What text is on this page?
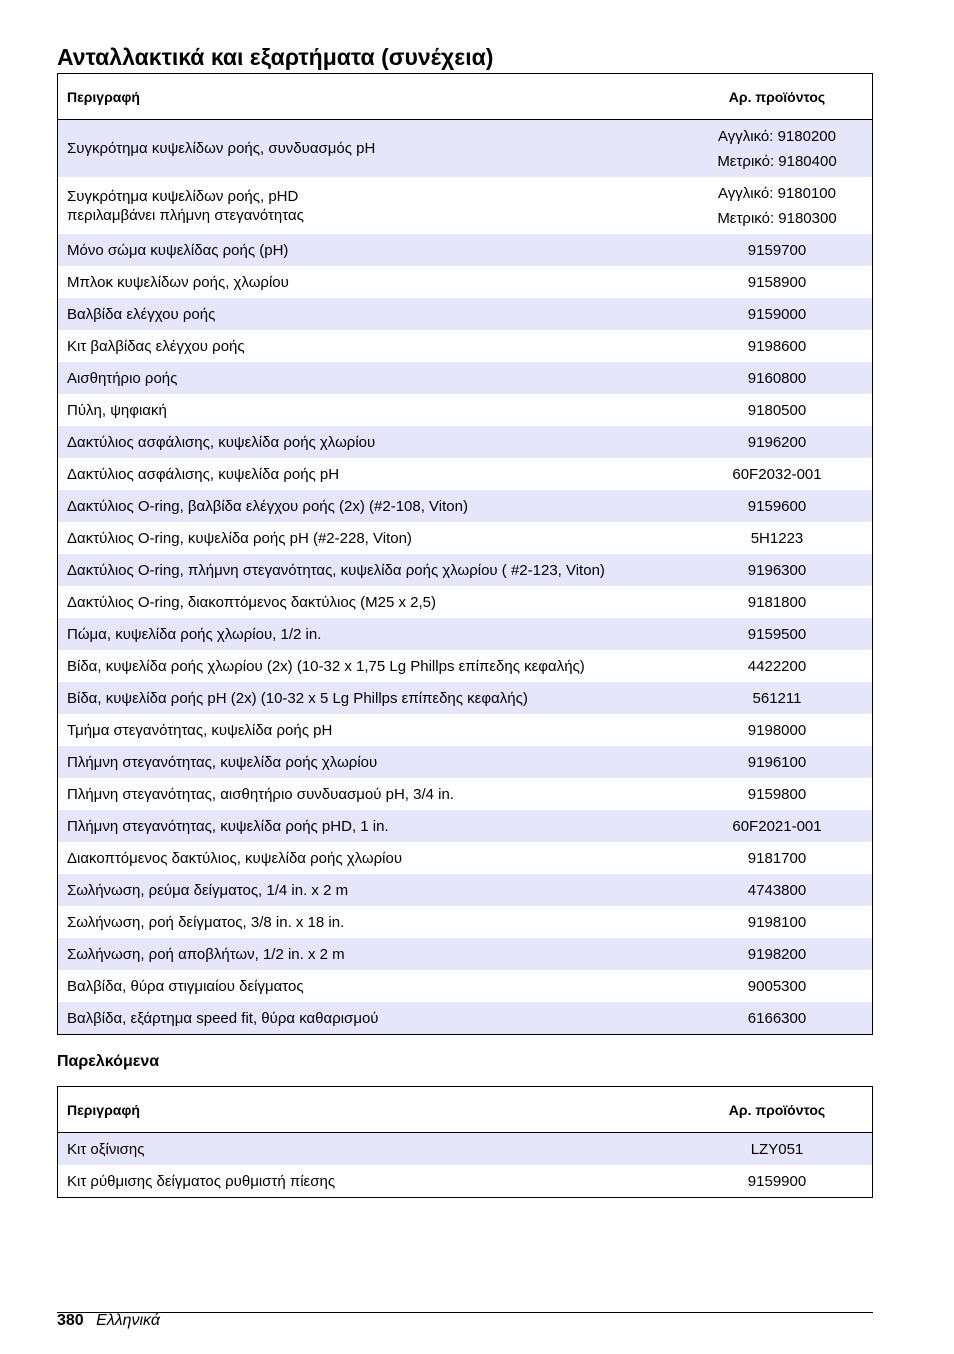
Ανταλλακτικά και εξαρτήματα (συνέχεια)
Περιγραφή	Αρ. προϊόντος
Συγκρότημα κυψελίδων ροής, συνδυασμός pH	Αγγλικό: 9180200
Μετρικό: 9180400

Συγκρότημα κυψελίδων ροής, pHD
περιλαμβάνει πλήμνη στεγανότητας	Αγγλικό: 9180100
Μετρικό: 9180300

Μόνο σώμα κυψελίδας ροής (pH)	9159700
Μπλοκ κυψελίδων ροής, χλωρίου	9158900
Βαλβίδα ελέγχου ροής	9159000
Κιτ βαλβίδας ελέγχου ροής	9198600
Αισθητήριο ροής	9160800
Πύλη, ψηφιακή	9180500
Δακτύλιος ασφάλισης, κυψελίδα ροής χλωρίου	9196200
Δακτύλιος ασφάλισης, κυψελίδα ροής pH	60F2032-001
Δακτύλιος O-ring, βαλβίδα ελέγχου ροής (2x) (#2-108, Viton)	9159600
Δακτύλιος O-ring, κυψελίδα ροής pH (#2-228, Viton)	5H1223
Δακτύλιος O-ring, πλήμνη στεγανότητας, κυψελίδα ροής χλωρίου ( #2-123, Viton)	9196300
Δακτύλιος O-ring, διακοπτόμενος δακτύλιος (M25 x 2,5)	9181800
Πώμα, κυψελίδα ροής χλωρίου, 1/2 in.	9159500
Βίδα, κυψελίδα ροής χλωρίου (2x) (10-32 x 1,75 Lg Phillps επίπεδης κεφαλής)	4422200
Βίδα, κυψελίδα ροής pH (2x) (10-32 x 5 Lg Phillps επίπεδης κεφαλής)	561211
Τμήμα στεγανότητας, κυψελίδα ροής pH	9198000
Πλήμνη στεγανότητας, κυψελίδα ροής χλωρίου	9196100
Πλήμνη στεγανότητας, αισθητήριο συνδυασμού pH, 3/4 in.	9159800
Πλήμνη στεγανότητας, κυψελίδα ροής pHD, 1 in.	60F2021-001
Διακοπτόμενος δακτύλιος, κυψελίδα ροής χλωρίου	9181700
Σωλήνωση, ρεύμα δείγματος, 1/4 in. x 2 m	4743800
Σωλήνωση, ροή δείγματος, 3/8 in. x 18 in.	9198100
Σωλήνωση, ροή αποβλήτων, 1/2 in. x 2 m	9198200
Βαλβίδα, θύρα στιγμιαίου δείγματος	9005300
Βαλβίδα, εξάρτημα speed fit, θύρα καθαρισμού	6166300
Παρελκόμενα
Περιγραφή	Αρ. προϊόντος
Κιτ οξίνισης	LZY051
Κιτ ρύθμισης δείγματος ρυθμιστή πίεσης	9159900
380 Ελληνικά
